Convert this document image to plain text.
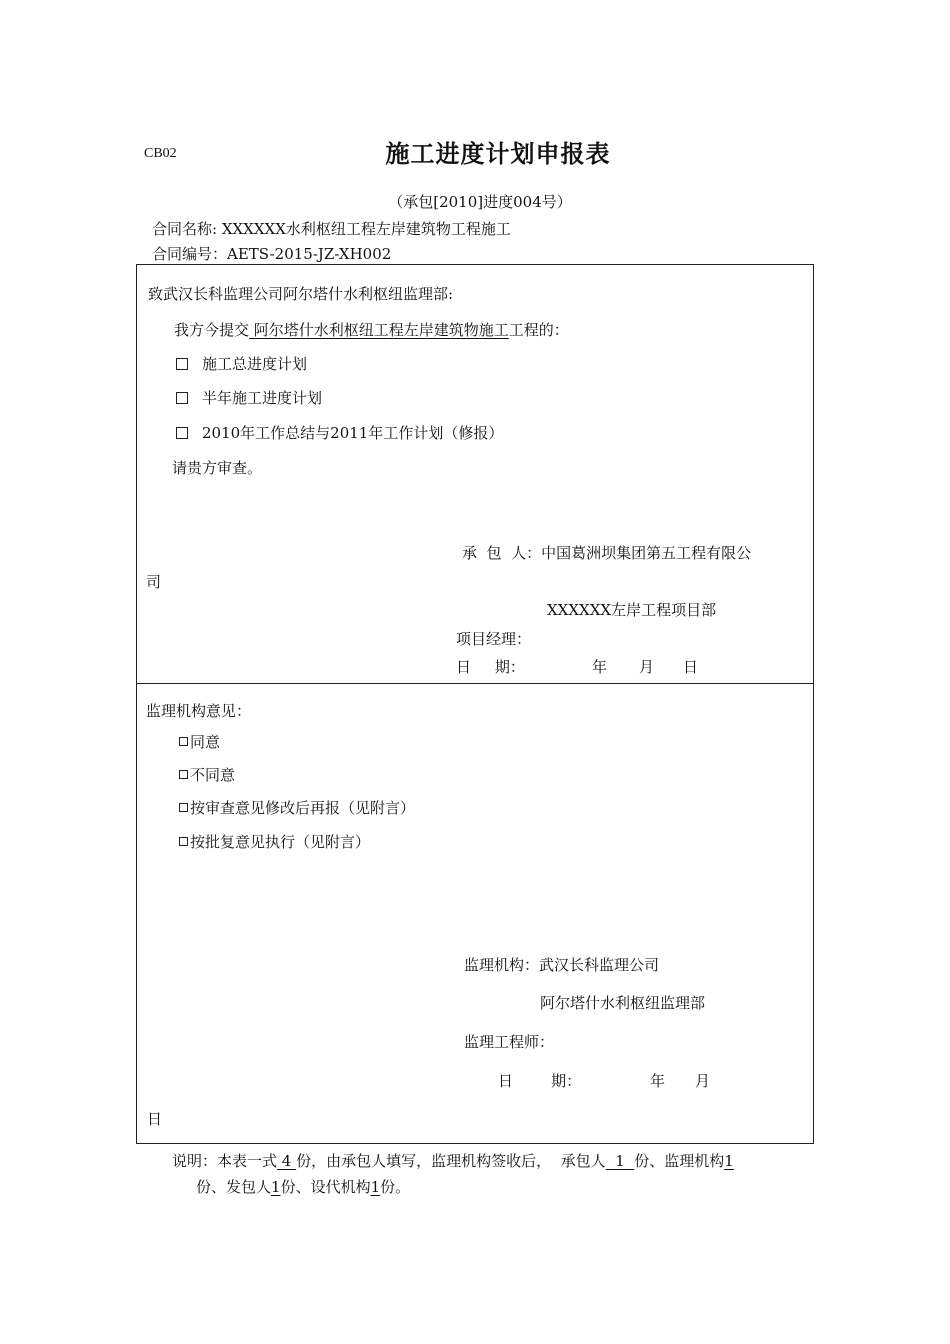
CB02	施工进度计划申报表
（承包[2010]进度004号）
合同名称: XXXXXX水利枢纽工程左岸建筑物工程施工
合同编号：AETS-2015-JZ-XH002
致武汉长科监理公司阿尔塔什水利枢纽监理部:
我方今提交 阿尔塔什水利枢纽工程左岸建筑物施工工程的：
施工总进度计划
半年施工进度计划
2010年工作总结与2011年工作计划（修报）
请贵方审查。
承  包  人：中国葛洲坝集团第五工程有限公
司
XXXXXX左岸工程项目部
项目经理：
日     期：	年 月 日
监理机构意见：
同意
不同意
按审查意见修改后再报（见附言）
按批复意见执行（见附言）
监理机构：武汉长科监理公司
阿尔塔什水利枢纽监理部
监理工程师：
日        期：	年 月
日
说明：本表一式 4 份，由承包人填写，监理机构签收后，  承包人  1  份、监理机构1
份、发包人1份、设代机构1份。
